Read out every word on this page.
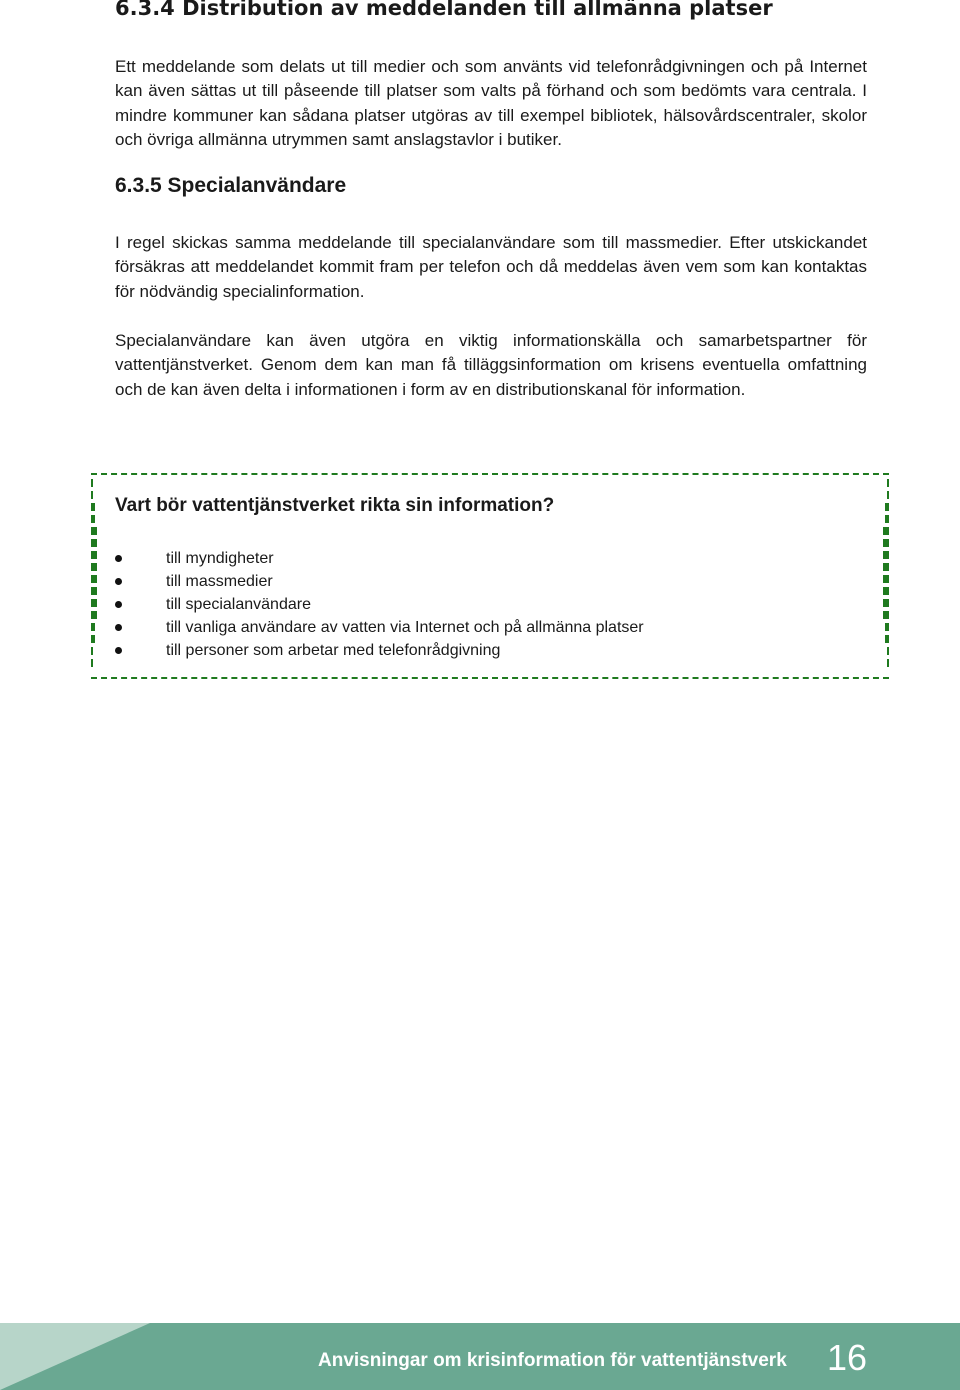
6.3.4 Distribution av meddelanden till allmänna platser
Ett meddelande som delats ut till medier och som använts vid telefonrådgivningen och på Internet kan även sättas ut till påseende till platser som valts på förhand och som bedömts vara centrala. I mindre kommuner kan sådana platser utgöras av till exempel bibliotek, hälsovårdscentraler, skolor och övriga allmänna utrymmen samt anslagstavlor i butiker.
6.3.5 Specialanvändare
I regel skickas samma meddelande till specialanvändare som till massmedier. Efter utskickandet försäkras att meddelandet kommit fram per telefon och då meddelas även vem som kan kontaktas för nödvändig specialinformation.
Specialanvändare kan även utgöra en viktig informationskälla och samarbetspartner för vattentjänstverket. Genom dem kan man få tilläggsinformation om krisens eventuella omfattning och de kan även delta i informationen i form av en distributionskanal för information.
Vart bör vattentjänstverket rikta sin information?
till myndigheter
till massmedier
till specialanvändare
till vanliga användare av vatten via Internet och på allmänna platser
till personer som arbetar med telefonrådgivning
Anvisningar om krisinformation för vattentjänstverk 16
